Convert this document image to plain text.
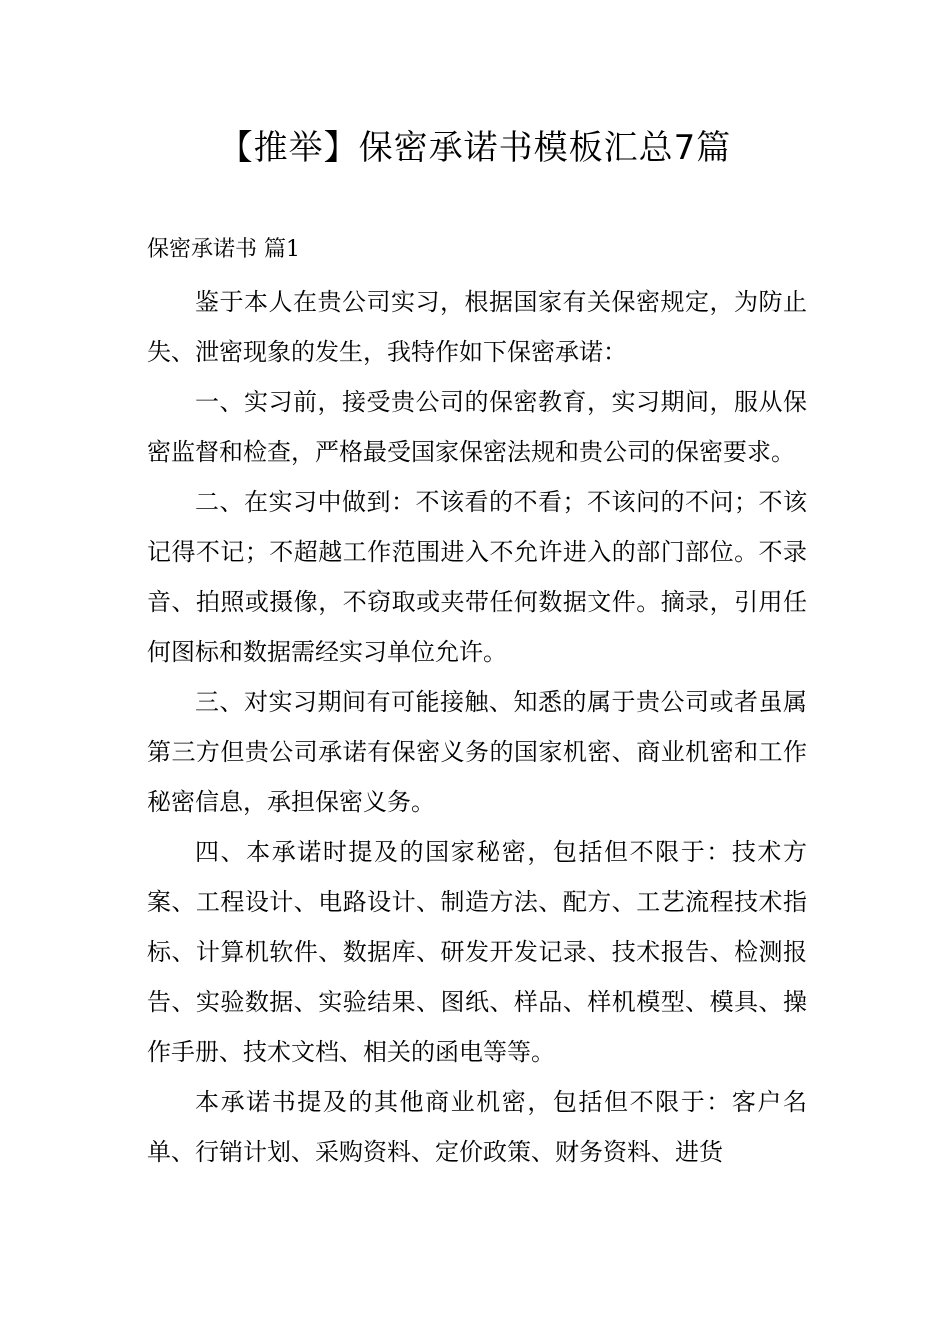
【推举】保密承诺书模板汇总7篇
保密承诺书 篇1

鉴于本人在贵公司实习，根据国家有关保密规定，为防止失、泄密现象的发生，我特作如下保密承诺：

一、实习前，接受贵公司的保密教育，实习期间，服从保密监督和检查，严格最受国家保密法规和贵公司的保密要求。

二、在实习中做到：不该看的不看；不该问的不问；不该记得不记；不超越工作范围进入不允许进入的部门部位。不录音、拍照或摄像，不窃取或夹带任何数据文件。摘录，引用任何图标和数据需经实习单位允许。

三、对实习期间有可能接触、知悉的属于贵公司或者虽属第三方但贵公司承诺有保密义务的国家机密、商业机密和工作秘密信息，承担保密义务。

四、本承诺时提及的国家秘密，包括但不限于：技术方案、工程设计、电路设计、制造方法、配方、工艺流程技术指标、计算机软件、数据库、研发开发记录、技术报告、检测报告、实验数据、实验结果、图纸、样品、样机模型、模具、操作手册、技术文档、相关的函电等等。

本承诺书提及的其他商业机密，包括但不限于：客户名单、行销计划、采购资料、定价政策、财务资料、进货
